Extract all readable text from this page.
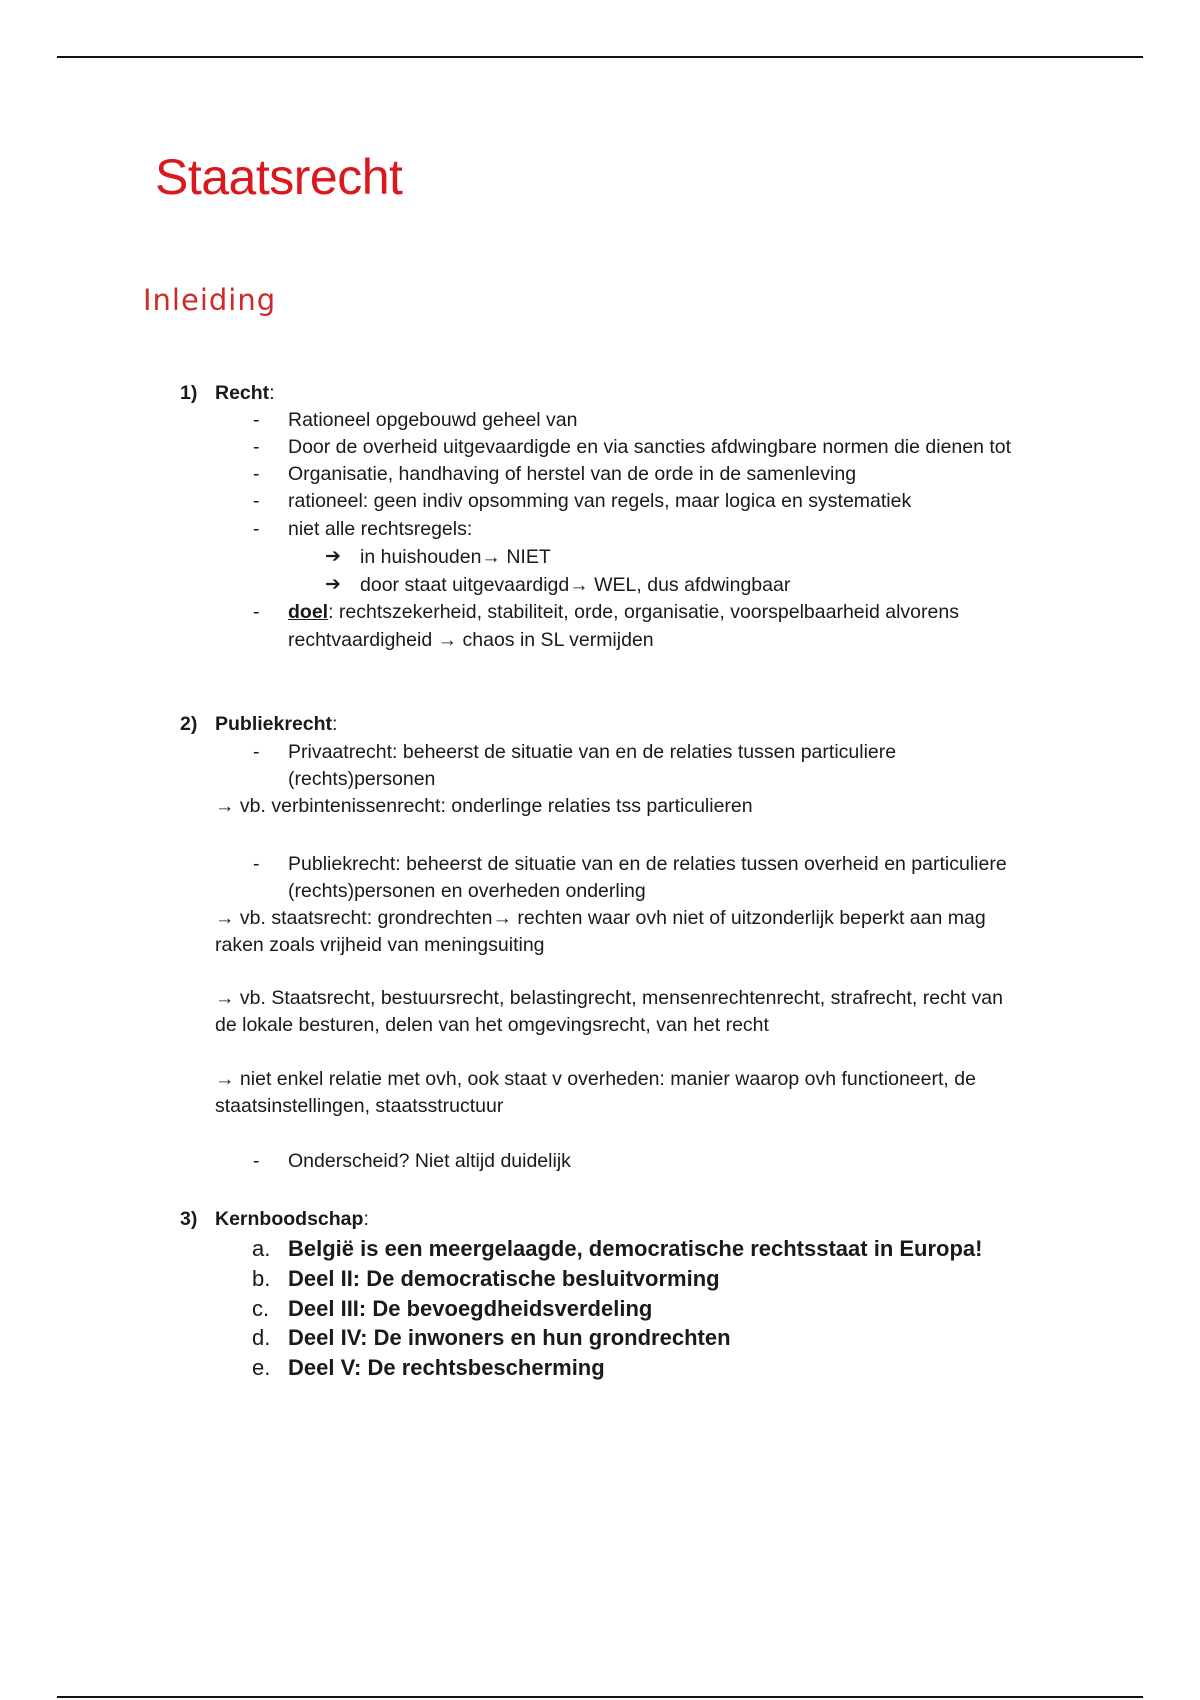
Staatsrecht
Inleiding
1) Recht:
- Rationeel opgebouwd geheel van
- Door de overheid uitgevaardigde en via sancties afdwingbare normen die dienen tot
- Organisatie, handhaving of herstel van de orde in de samenleving
- rationeel: geen indiv opsomming van regels, maar logica en systematiek
- niet alle rechtsregels:
➔ in huishouden→ NIET
➔ door staat uitgevaardigd→ WEL, dus afdwingbaar
- doel: rechtszekerheid, stabiliteit, orde, organisatie, voorspelbaarheid alvorens
rechtvaardigheid → chaos in SL vermijden
2) Publiekrecht:
- Privaatrecht: beheerst de situatie van en de relaties tussen particuliere
(rechts)personen
→ vb. verbintenissenrecht: onderlinge relaties tss particulieren
- Publiekrecht: beheerst de situatie van en de relaties tussen overheid en particuliere
(rechts)personen en overheden onderling
→ vb. staatsrecht: grondrechten→ rechten waar ovh niet of uitzonderlijk beperkt aan mag
raken zoals vrijheid van meningsuiting
→ vb. Staatsrecht, bestuursrecht, belastingrecht, mensenrechtenrecht, strafrecht, recht van
de lokale besturen, delen van het omgevingsrecht, van het recht
→ niet enkel relatie met ovh, ook staat v overheden: manier waarop ovh functioneert, de
staatsinstellingen, staatsstructuur
- Onderscheid? Niet altijd duidelijk
3) Kernboodschap:
a. België is een meergelaagde, democratische rechtsstaat in Europa!
b. Deel II: De democratische besluitvorming
c. Deel III: De bevoegdheidsverdeling
d. Deel IV: De inwoners en hun grondrechten
e. Deel V: De rechtsbescherming
